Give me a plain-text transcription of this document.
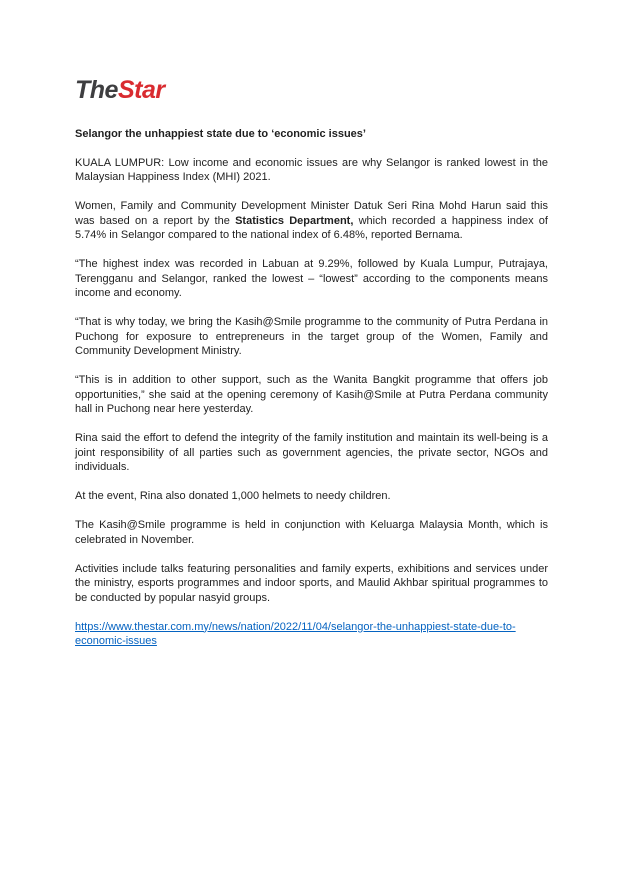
TheStar
Selangor the unhappiest state due to ‘economic issues’

KUALA LUMPUR: Low income and economic issues are why Selangor is ranked lowest in the Malaysian Happiness Index (MHI) 2021.

Women, Family and Community Development Minister Datuk Seri Rina Mohd Harun said this was based on a report by the Statistics Department, which recorded a happiness index of 5.74% in Selangor compared to the national index of 6.48%, reported Bernama.

“The highest index was recorded in Labuan at 9.29%, followed by Kuala Lumpur, Putrajaya, Terengganu and Selangor, ranked the lowest – “lowest” according to the components means income and economy.

“That is why today, we bring the Kasih@Smile programme to the community of Putra Perdana in Puchong for exposure to entrepreneurs in the target group of the Women, Family and Community Development Ministry.

“This is in addition to other support, such as the Wanita Bangkit programme that offers job opportunities,” she said at the opening ceremony of Kasih@Smile at Putra Perdana community hall in Puchong near here yesterday.

Rina said the effort to defend the integrity of the family institution and maintain its well-being is a joint responsibility of all parties such as government agencies, the private sector, NGOs and individuals.

At the event, Rina also donated 1,000 helmets to needy children.

The Kasih@Smile programme is held in conjunction with Keluarga Malaysia Month, which is celebrated in November.

Activities include talks featuring personalities and family experts, exhibitions and services under the ministry, esports programmes and indoor sports, and Maulid Akhbar spiritual programmes to be conducted by popular nasyid groups.

https://www.thestar.com.my/news/nation/2022/11/04/selangor-the-unhappiest-state-due-to-economic-issues
